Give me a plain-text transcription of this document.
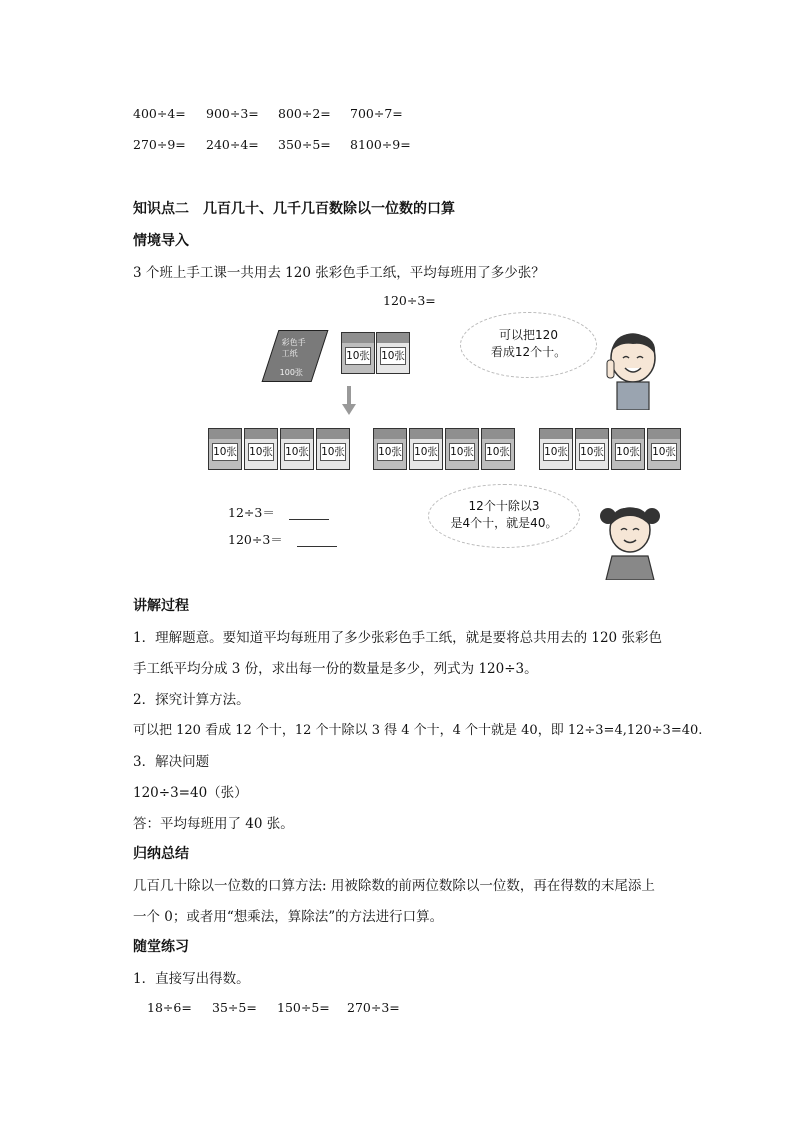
400÷4= 900÷3= 800÷2= 700÷7=
270÷9= 240÷4= 350÷5= 8100÷9=
知识点二　几百几十、几千几百数除以一位数的口算
情境导入
3 个班上手工课一共用去 120 张彩色手工纸，平均每班用了多少张？
120÷3=
彩色手工纸
100张
10张 10张
10张 10张 10张 10张	10张 10张 10张 10张	10张 10张 10张 10张
可以把120
看成12个十。
12÷3＝
120÷3＝
12个十除以3
是4个十，就是40。
讲解过程
1．理解题意。要知道平均每班用了多少张彩色手工纸，就是要将总共用去的 120 张彩色
手工纸平均分成 3 份，求出每一份的数量是多少，列式为 120÷3。
2．探究计算方法。
可以把 120 看成 12 个十，12 个十除以 3 得 4 个十，4 个十就是 40，即 12÷3=4,120÷3=40.
3．解决问题
120÷3=40（张）
答：平均每班用了 40 张。
归纳总结
几百几十除以一位数的口算方法: 用被除数的前两位数除以一位数，再在得数的末尾添上
一个 0；或者用“想乘法，算除法”的方法进行口算。
随堂练习
1．直接写出得数。
18÷6= 35÷5= 150÷5= 270÷3=
